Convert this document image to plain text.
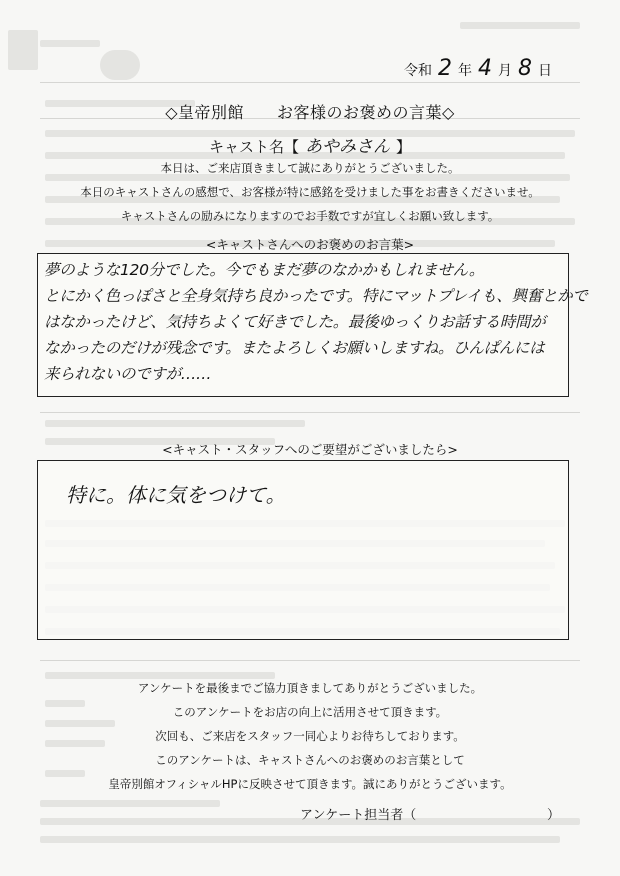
令和 2 年 4 月 8 日
◇皇帝別館　　お客様のお褒めの言葉◇
キャスト名【 あやみさん 】
本日は、ご来店頂きまして誠にありがとうございました。
本日のキャストさんの感想で、お客様が特に感銘を受けました事をお書きくださいませ。
キャストさんの励みになりますのでお手数ですが宜しくお願い致します。
<キャストさんへのお褒めのお言葉>
夢のような120分でした。今でもまだ夢のなかかもしれません。
とにかく色っぽさと全身気持ち良かったです。特にマットプレイも、興奮とかで
はなかったけど、気持ちよくて好きでした。最後ゆっくりお話する時間が
なかったのだけが残念です。またよろしくお願いしますね。ひんぱんには
来られないのですが……
<キャスト・スタッフへのご要望がございましたら>
特に。体に気をつけて。
アンケートを最後までご協力頂きましてありがとうございました。
このアンケートをお店の向上に活用させて頂きます。
次回も、ご来店をスタッフ一同心よりお待ちしております。
このアンケートは、キャストさんへのお褒めのお言葉として
皇帝別館オフィシャルHPに反映させて頂きます。誠にありがとうございます。
アンケート担当者（	）
